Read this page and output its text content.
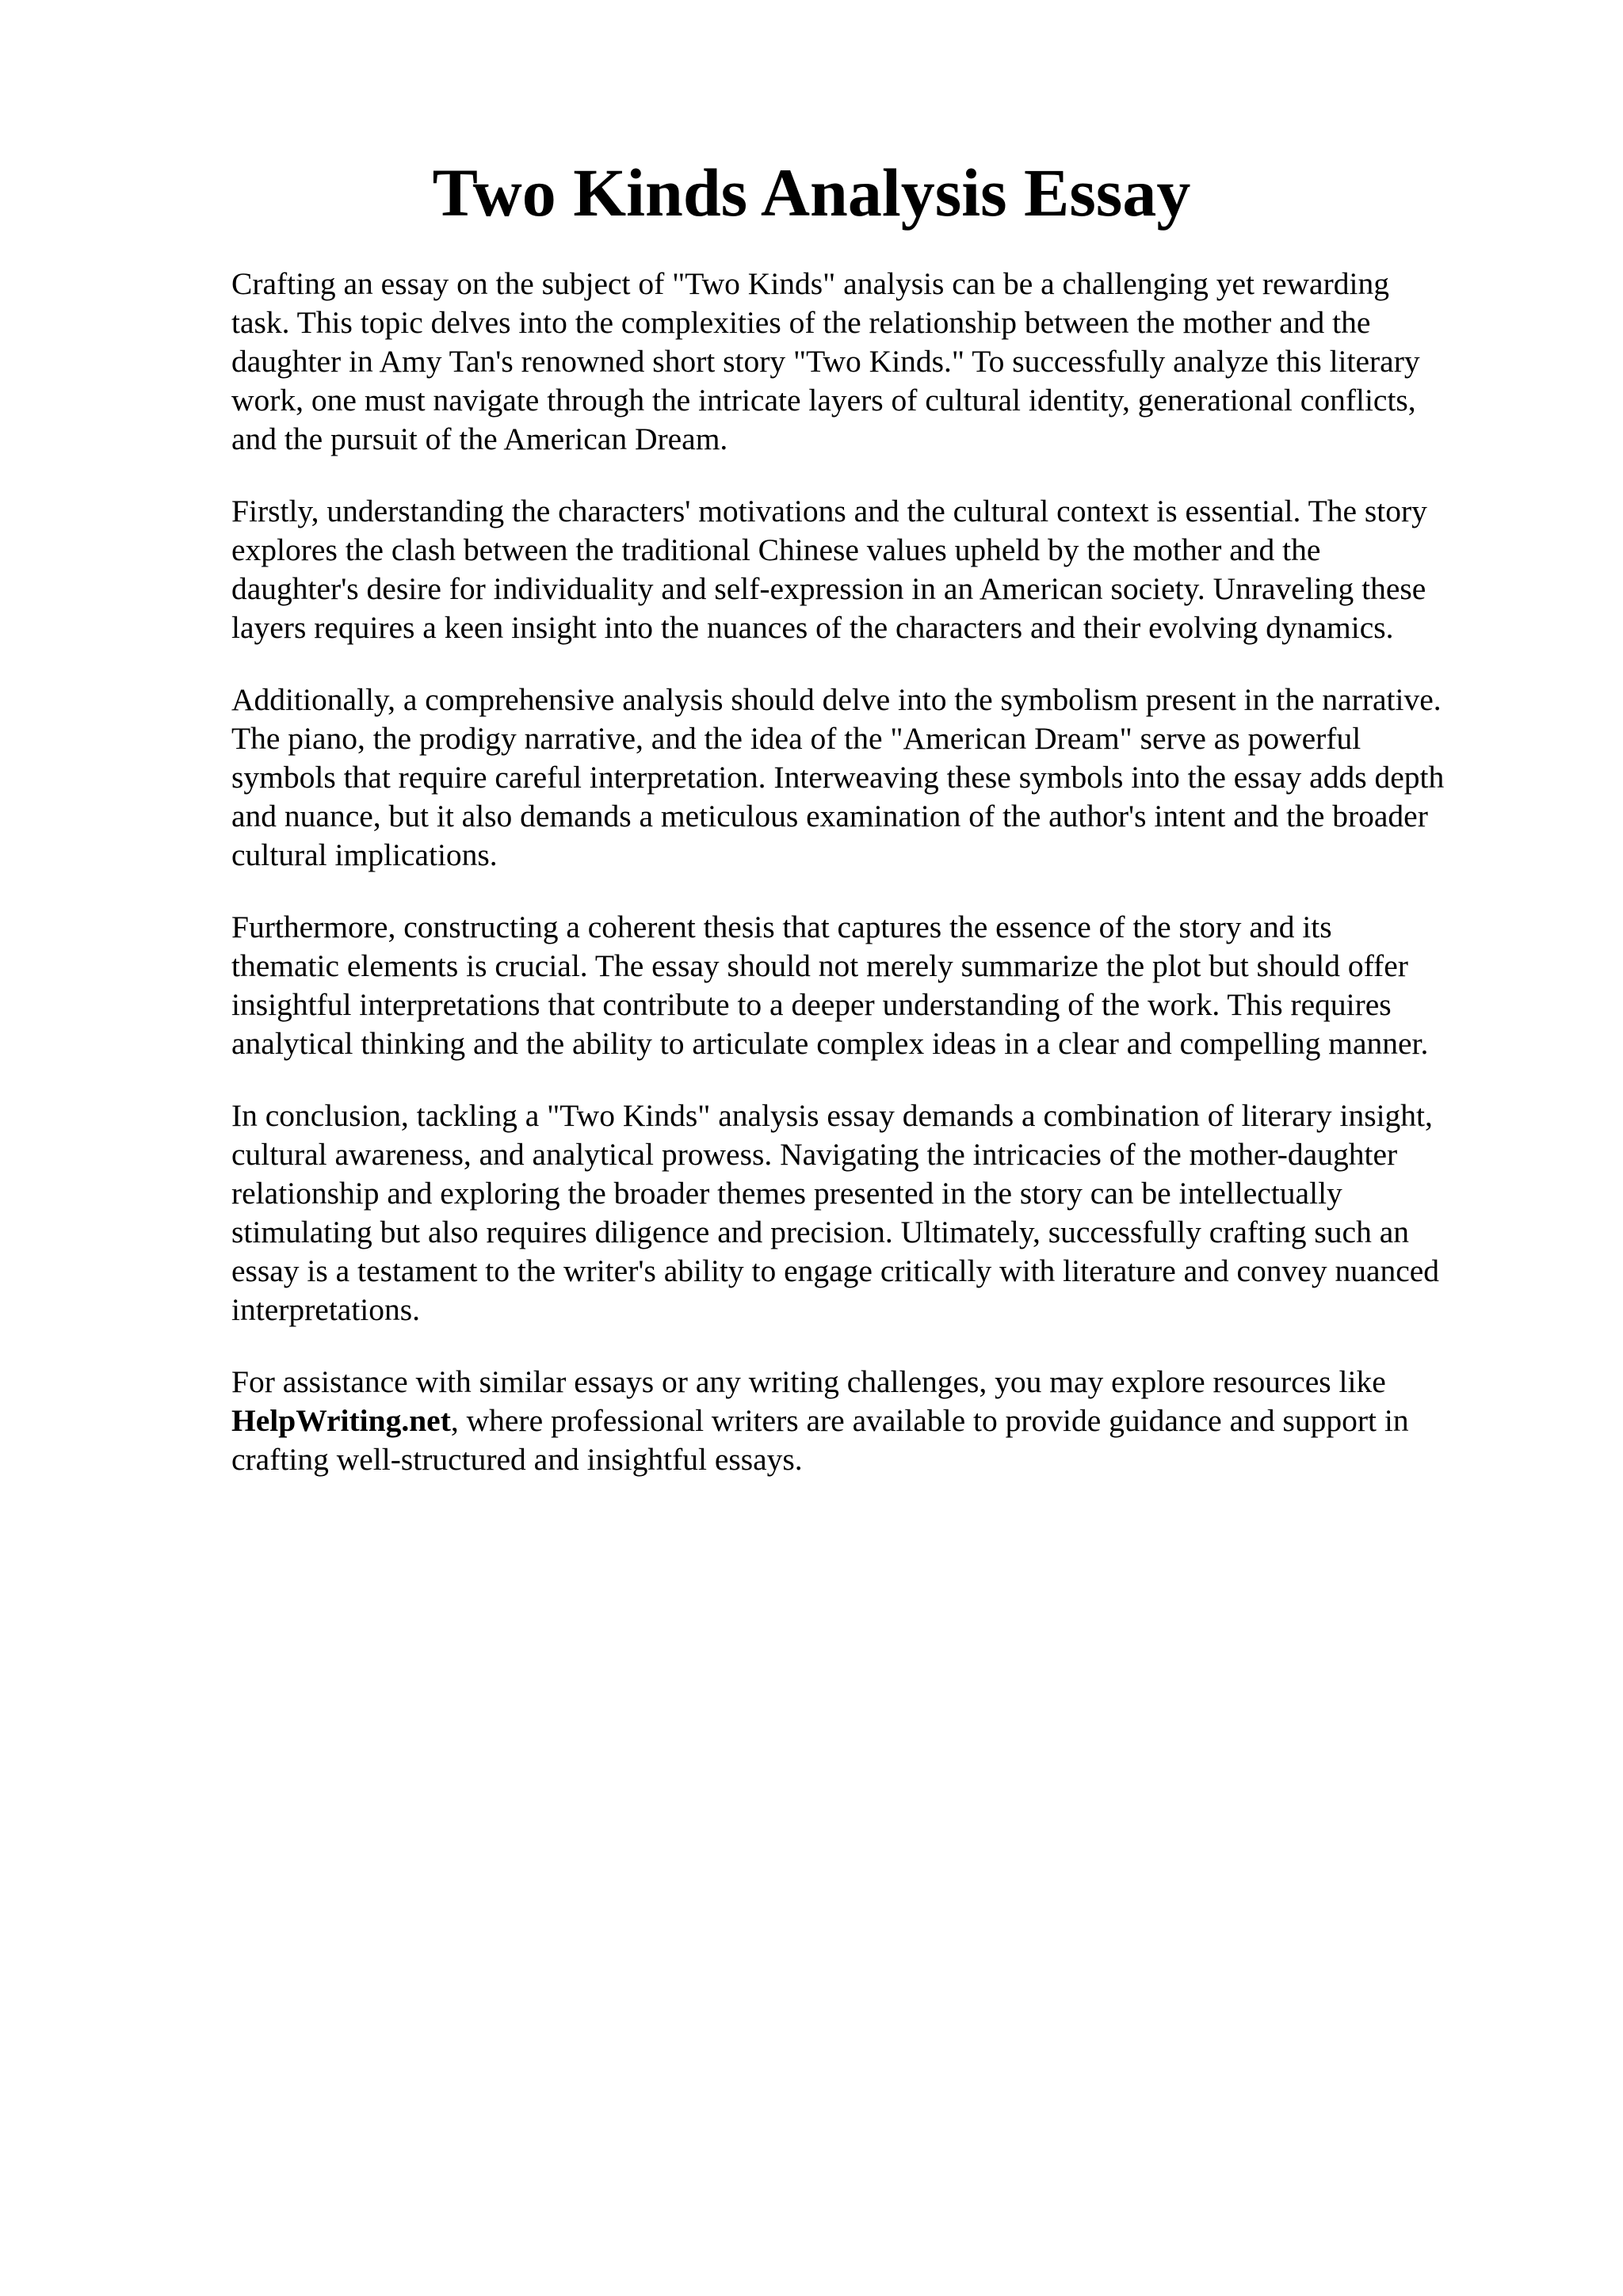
Two Kinds Analysis Essay

Crafting an essay on the subject of "Two Kinds" analysis can be a challenging yet rewarding
task. This topic delves into the complexities of the relationship between the mother and the
daughter in Amy Tan's renowned short story "Two Kinds." To successfully analyze this literary
work, one must navigate through the intricate layers of cultural identity, generational conflicts,
and the pursuit of the American Dream.

Firstly, understanding the characters' motivations and the cultural context is essential. The story
explores the clash between the traditional Chinese values upheld by the mother and the
daughter's desire for individuality and self-expression in an American society. Unraveling these
layers requires a keen insight into the nuances of the characters and their evolving dynamics.

Additionally, a comprehensive analysis should delve into the symbolism present in the narrative.
The piano, the prodigy narrative, and the idea of the "American Dream" serve as powerful
symbols that require careful interpretation. Interweaving these symbols into the essay adds depth
and nuance, but it also demands a meticulous examination of the author's intent and the broader
cultural implications.

Furthermore, constructing a coherent thesis that captures the essence of the story and its
thematic elements is crucial. The essay should not merely summarize the plot but should offer
insightful interpretations that contribute to a deeper understanding of the work. This requires
analytical thinking and the ability to articulate complex ideas in a clear and compelling manner.

In conclusion, tackling a "Two Kinds" analysis essay demands a combination of literary insight,
cultural awareness, and analytical prowess. Navigating the intricacies of the mother-daughter
relationship and exploring the broader themes presented in the story can be intellectually
stimulating but also requires diligence and precision. Ultimately, successfully crafting such an
essay is a testament to the writer's ability to engage critically with literature and convey nuanced
interpretations.

For assistance with similar essays or any writing challenges, you may explore resources like
HelpWriting.net, where professional writers are available to provide guidance and support in
crafting well-structured and insightful essays.
